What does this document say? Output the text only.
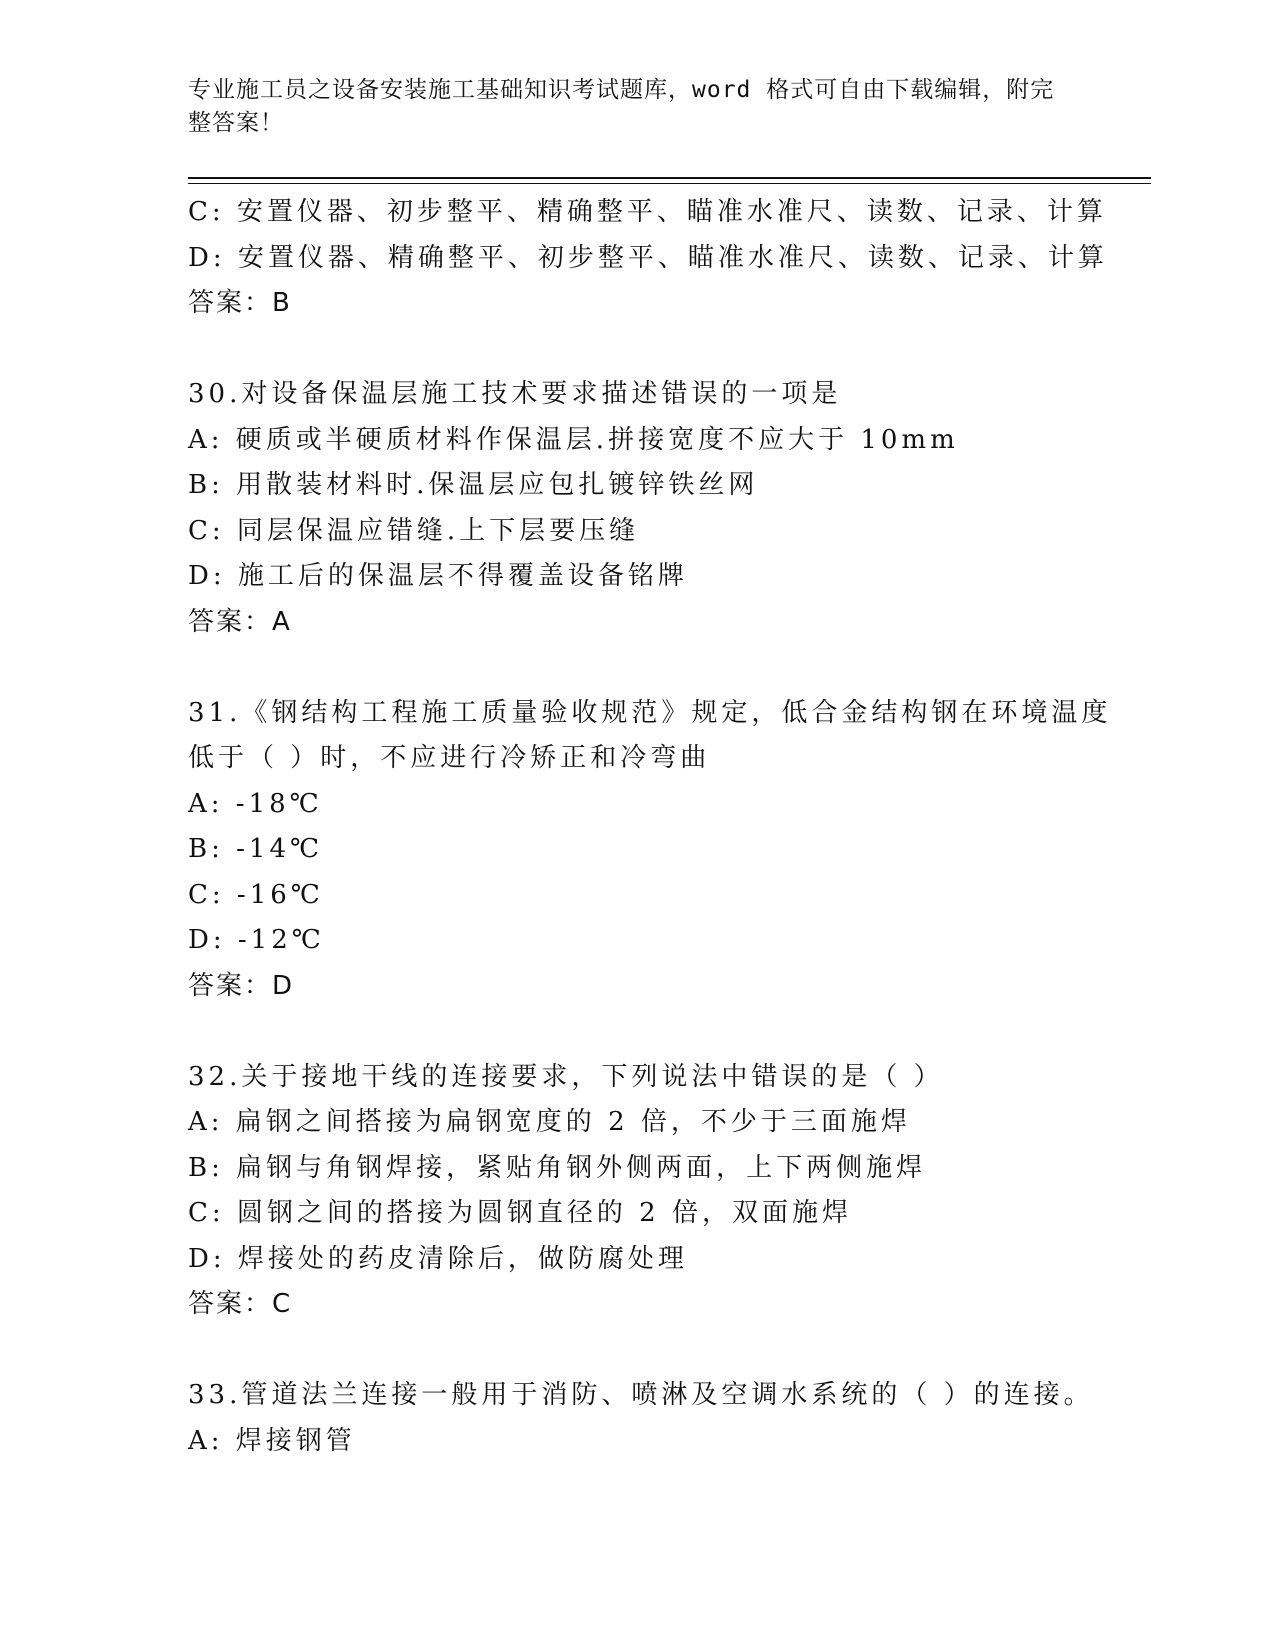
专业施工员之设备安装施工基础知识考试题库，word 格式可自由下载编辑，附完
整答案！
C: 安置仪器、初步整平、精确整平、瞄准水准尺、读数、记录、计算
D: 安置仪器、精确整平、初步整平、瞄准水准尺、读数、记录、计算
答案：B
30.对设备保温层施工技术要求描述错误的一项是
A: 硬质或半硬质材料作保温层.拼接宽度不应大于 10mm
B: 用散装材料时.保温层应包扎镀锌铁丝网
C: 同层保温应错缝.上下层要压缝
D: 施工后的保温层不得覆盖设备铭牌
答案：A
31.《钢结构工程施工质量验收规范》规定，低合金结构钢在环境温度
低于（ ）时，不应进行冷矫正和冷弯曲
A: -18℃
B: -14℃
C: -16℃
D: -12℃
答案：D
32.关于接地干线的连接要求，下列说法中错误的是（ ）
A: 扁钢之间搭接为扁钢宽度的 2 倍，不少于三面施焊
B: 扁钢与角钢焊接，紧贴角钢外侧两面，上下两侧施焊
C: 圆钢之间的搭接为圆钢直径的 2 倍，双面施焊
D: 焊接处的药皮清除后，做防腐处理
答案：C
33.管道法兰连接一般用于消防、喷淋及空调水系统的（ ）的连接。
A: 焊接钢管
